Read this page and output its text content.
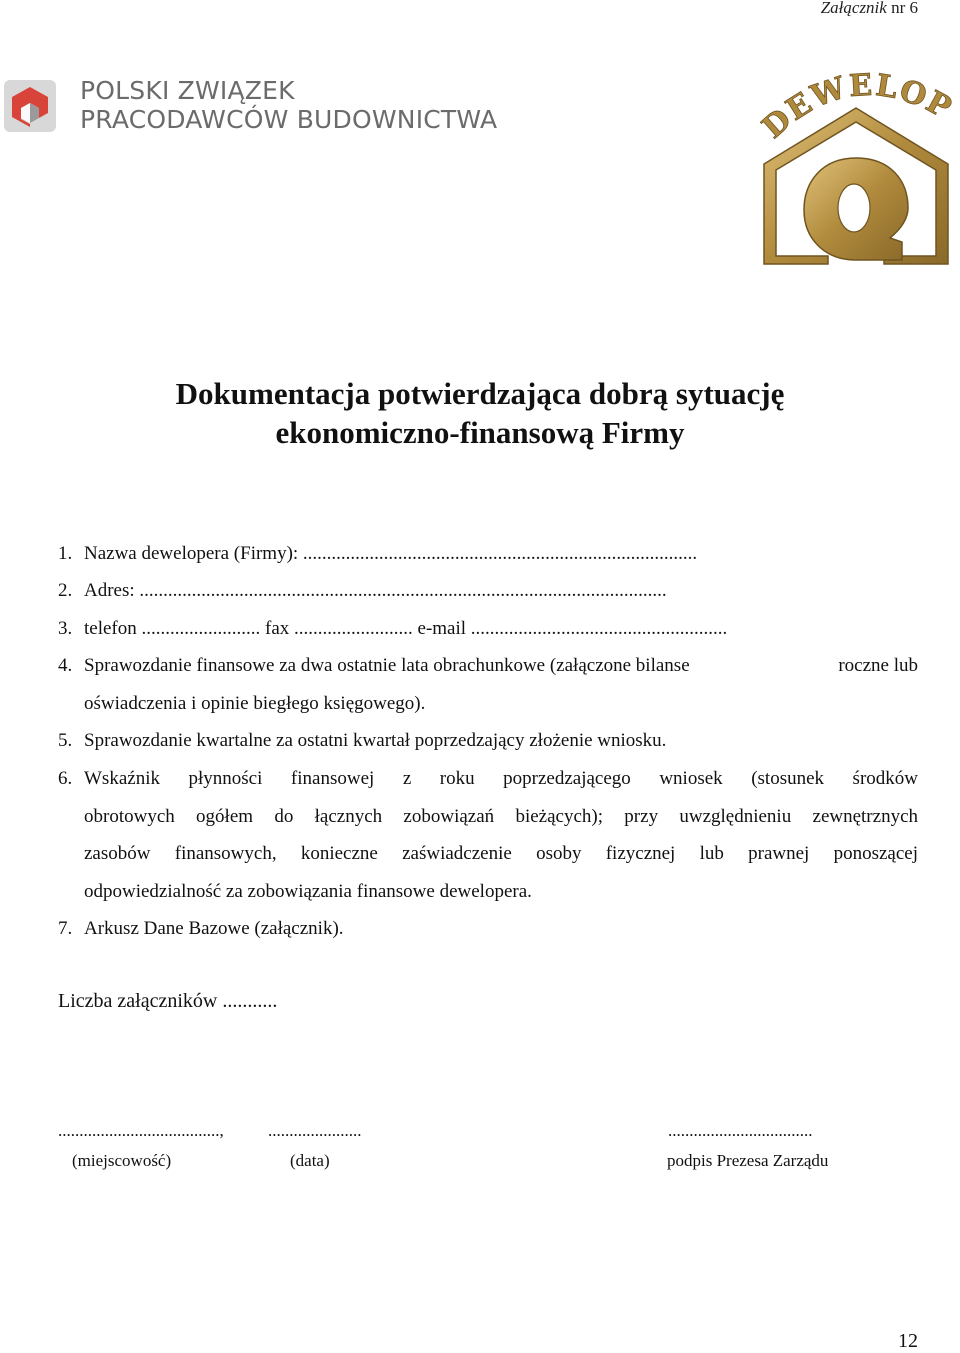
Załącznik nr 6
POLSKI ZWIĄZEK
PRACODAWCÓW BUDOWNICTWA	DEWELOP
Dokumentacja potwierdzająca dobrą sytuację
ekonomiczno-finansową Firmy
1. Nazwa dewelopera (Firmy): ...................................................................................
2. Adres: ...............................................................................................................
3. telefon ......................... fax ......................... e-mail ......................................................
4. Sprawozdanie finansowe za dwa ostatnie lata obrachunkowe (załączone bilanse	roczne lub
oświadczenia i opinie biegłego księgowego).
5. Sprawozdanie kwartalne za ostatni kwartał poprzedzający złożenie wniosku.
6. Wskaźnik płynności finansowej z roku poprzedzającego wniosek (stosunek środków
obrotowych ogółem do łącznych zobowiązań bieżących); przy uwzględnieniu zewnętrznych
zasobów finansowych, konieczne zaświadczenie osoby fizycznej lub prawnej ponoszącej
odpowiedzialność za zobowiązania finansowe dewelopera.
7. Arkusz Dane Bazowe (załącznik).
Liczba załączników ...........
......................................,	......................	..................................
(miejscowość)	(data)	podpis Prezesa Zarządu
12
